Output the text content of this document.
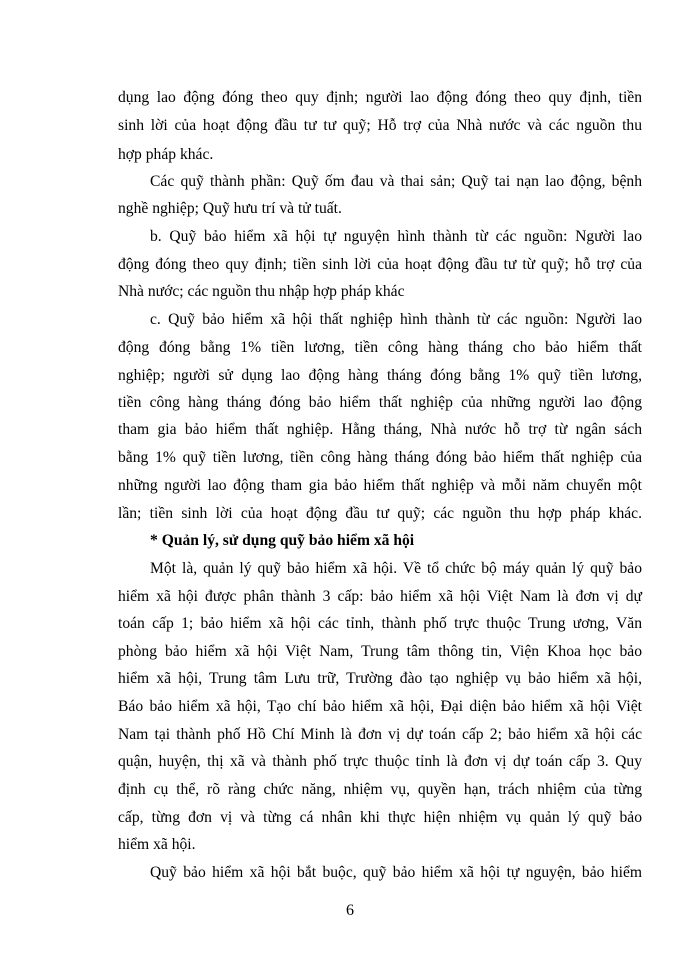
dụng lao động đóng theo quy định; người lao động đóng theo quy định, tiền
sinh lời của hoạt động đầu tư tư quỹ; Hỗ trợ của Nhà nước và các nguồn thu
hợp pháp khác.
Các quỹ thành phần: Quỹ ốm đau và thai sản; Quỹ tai nạn lao động, bệnh
nghề nghiệp; Quỹ hưu trí và tử tuất.
b. Quỹ bảo hiểm xã hội tự nguyện hình thành từ các nguồn: Người lao
động đóng theo quy định; tiền sinh lời của hoạt động đầu tư từ quỹ; hỗ trợ của
Nhà nước; các nguồn thu nhập hợp pháp khác
c. Quỹ bảo hiểm xã hội thất nghiệp hình thành từ các nguồn: Người lao
động đóng bằng 1% tiền lương, tiền công hàng tháng cho bảo hiểm thất
nghiệp; người sử dụng lao động hàng tháng đóng bằng 1% quỹ tiền lương,
tiền công hàng tháng đóng bảo hiểm thất nghiệp của những người lao động
tham gia bảo hiểm thất nghiệp. Hằng tháng, Nhà nước hỗ trợ từ ngân sách
bằng 1% quỹ tiền lương, tiền công hàng tháng đóng bảo hiểm thất nghiệp của
những người lao động tham gia bảo hiểm thất nghiệp và mỗi năm chuyển một
lần; tiền sinh lời của hoạt động đầu tư quỹ; các nguồn thu hợp pháp khác.
* Quản lý, sử dụng quỹ bảo hiểm xã hội
Một là, quản lý quỹ bảo hiểm xã hội. Về tổ chức bộ máy quản lý quỹ bảo
hiểm xã hội được phân thành 3 cấp: bảo hiểm xã hội Việt Nam là đơn vị dự
toán cấp 1; bảo hiểm xã hội các tỉnh, thành phố trực thuộc Trung ương, Văn
phòng bảo hiểm xã hội Việt Nam, Trung tâm thông tin, Viện Khoa học bảo
hiểm xã hội, Trung tâm Lưu trữ, Trường đào tạo nghiệp vụ bảo hiểm xã hội,
Báo bảo hiểm xã hội, Tạo chí bảo hiểm xã hội, Đại diện bảo hiểm xã hội Việt
Nam tại thành phố Hồ Chí Minh là đơn vị dự toán cấp 2; bảo hiểm xã hội các
quận, huyện, thị xã và thành phố trực thuộc tỉnh là đơn vị dự toán cấp 3. Quy
định cụ thể, rõ ràng chức năng, nhiệm vụ, quyền hạn, trách nhiệm của từng
cấp, từng đơn vị và từng cá nhân khi thực hiện nhiệm vụ quản lý quỹ bảo
hiểm xã hội.
Quỹ bảo hiểm xã hội bắt buộc, quỹ bảo hiểm xã hội tự nguyện, bảo hiểm
6
